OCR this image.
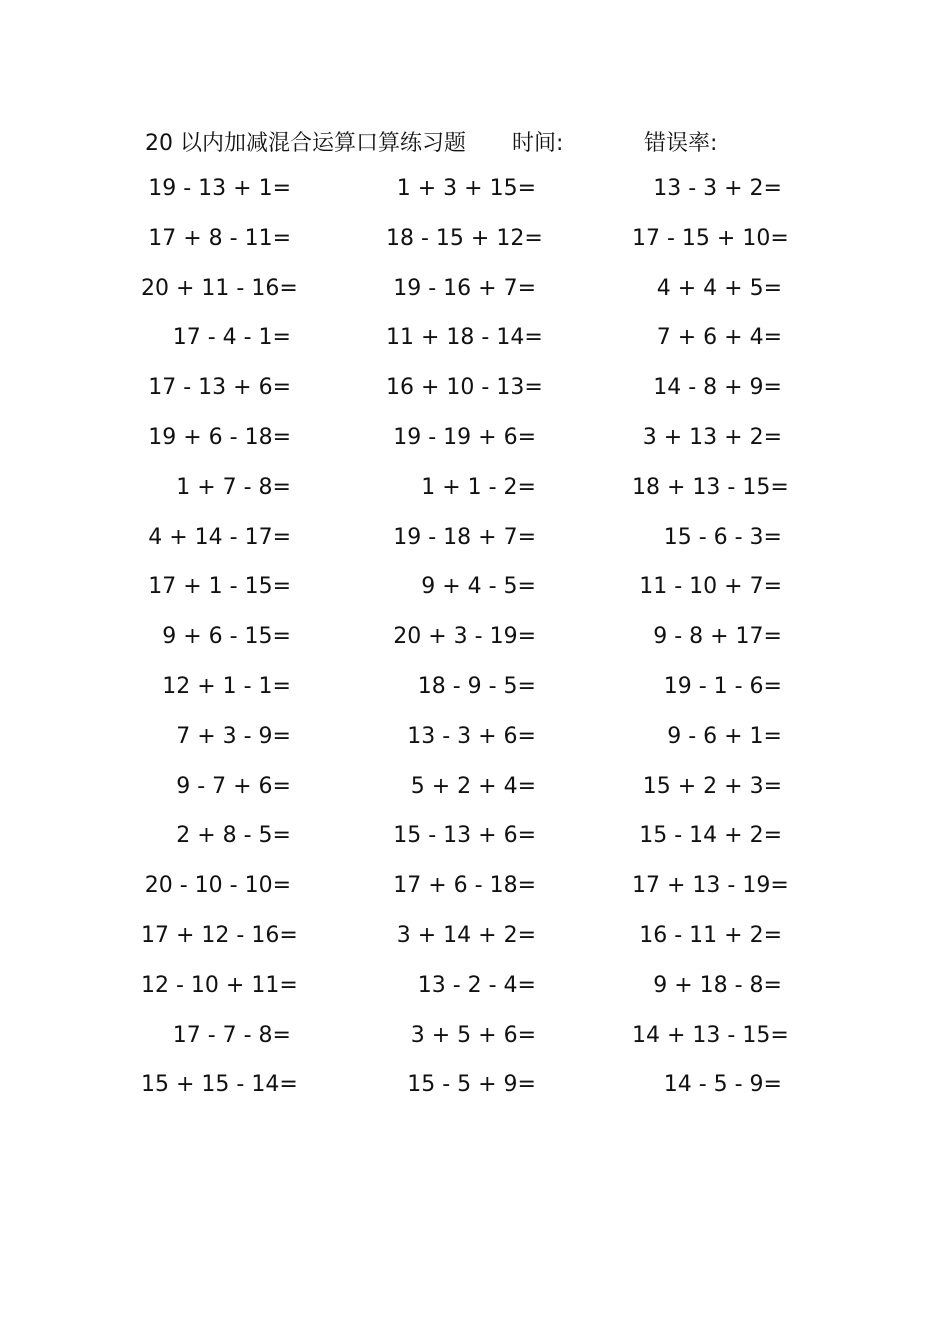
20 以内加减混合运算口算练习题 时间:	错误率:
19 - 13 + 1=	1 + 3 + 15=	13 - 3 + 2=
17 + 8 - 11=	18 - 15 + 12=	17 - 15 + 10=
20 + 11 - 16=	19 - 16 + 7=	4 + 4 + 5=
17 - 4 - 1=	11 + 18 - 14=	7 + 6 + 4=
17 - 13 + 6=	16 + 10 - 13=	14 - 8 + 9=
19 + 6 - 18=	19 - 19 + 6=	3 + 13 + 2=
1 + 7 - 8=	1 + 1 - 2=	18 + 13 - 15=
4 + 14 - 17=	19 - 18 + 7=	15 - 6 - 3=
17 + 1 - 15=	9 + 4 - 5=	11 - 10 + 7=
9 + 6 - 15=	20 + 3 - 19=	9 - 8 + 17=
12 + 1 - 1=	18 - 9 - 5=	19 - 1 - 6=
7 + 3 - 9=	13 - 3 + 6=	9 - 6 + 1=
9 - 7 + 6=	5 + 2 + 4=	15 + 2 + 3=
2 + 8 - 5=	15 - 13 + 6=	15 - 14 + 2=
20 - 10 - 10=	17 + 6 - 18=	17 + 13 - 19=
17 + 12 - 16=	3 + 14 + 2=	16 - 11 + 2=
12 - 10 + 11=	13 - 2 - 4=	9 + 18 - 8=
17 - 7 - 8=	3 + 5 + 6=	14 + 13 - 15=
15 + 15 - 14=	15 - 5 + 9=	14 - 5 - 9=
